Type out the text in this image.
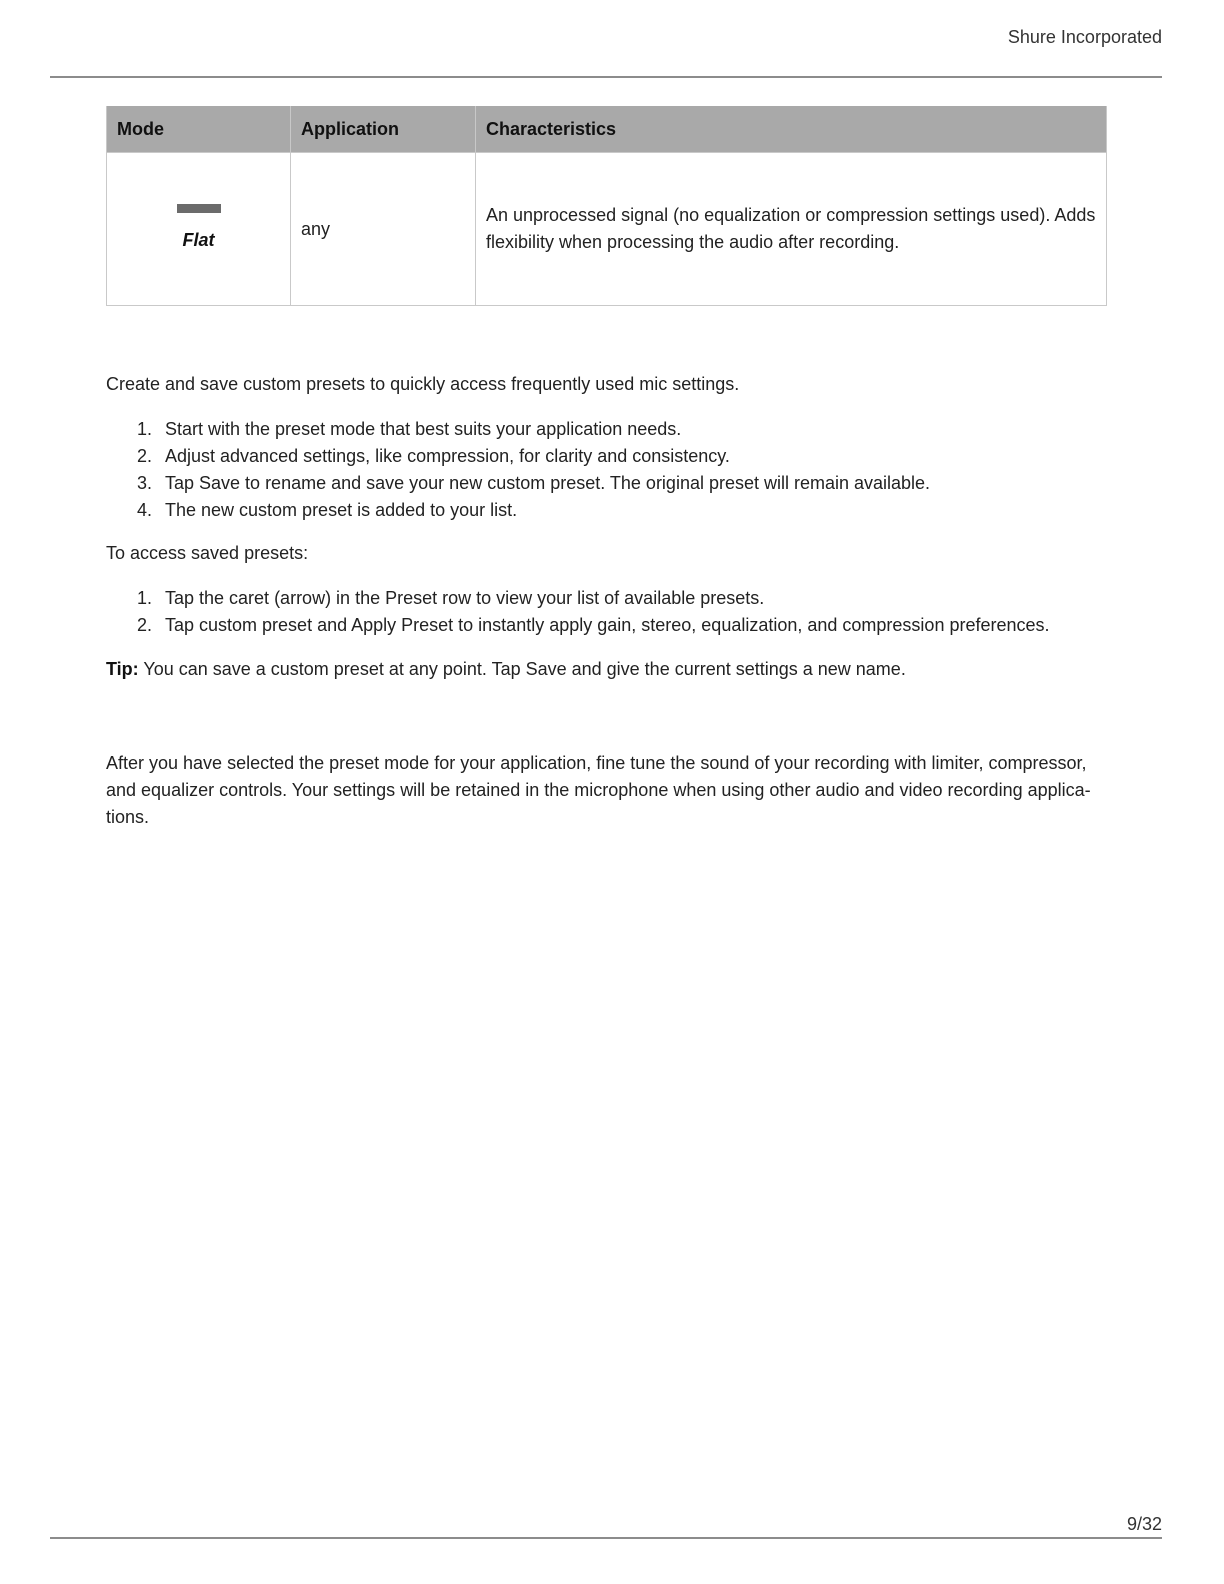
Shure Incorporated
Mode	Application	Characteristics

Flat	any	An unprocessed signal (no equalization or compression settings used). Adds flexibility when processing the audio after recording.

Create and save custom presets to quickly access frequently used mic settings.

1. Start with the preset mode that best suits your application needs.
2. Adjust advanced settings, like compression, for clarity and consistency.
3. Tap Save to rename and save your new custom preset. The original preset will remain available.
4. The new custom preset is added to your list.

To access saved presets:

1. Tap the caret (arrow) in the Preset row to view your list of available presets.
2. Tap custom preset and Apply Preset to instantly apply gain, stereo, equalization, and compression preferences.

Tip: You can save a custom preset at any point. Tap Save and give the current settings a new name.

After you have selected the preset mode for your application, fine tune the sound of your recording with limiter, compressor, and equalizer controls. Your settings will be retained in the microphone when using other audio and video recording applications.

9/32
